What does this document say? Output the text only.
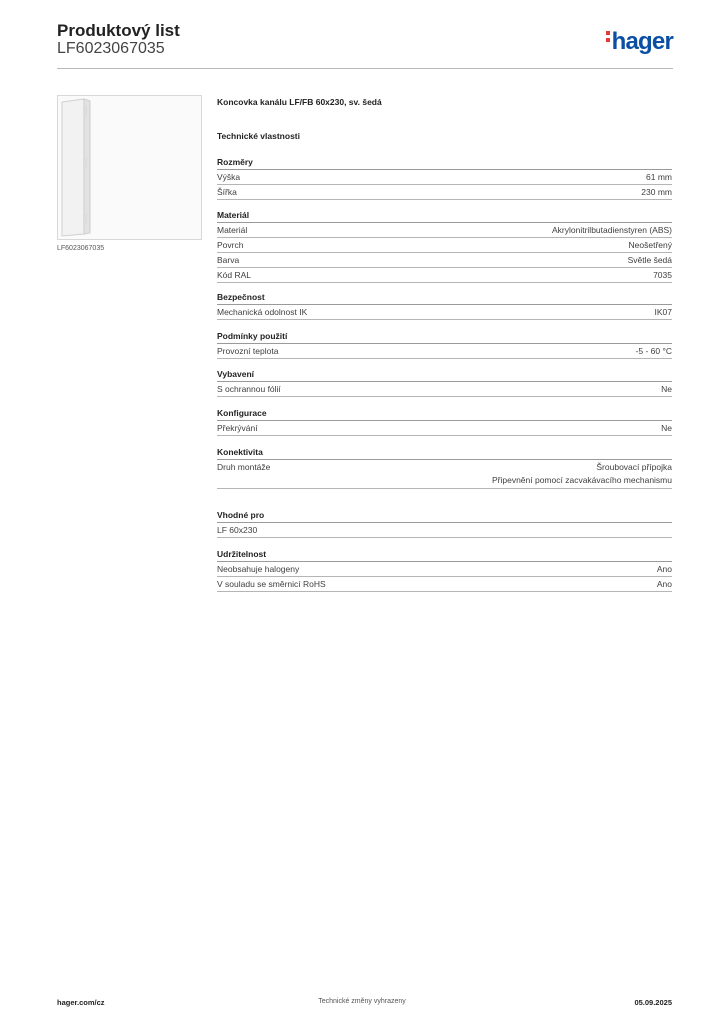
Produktový list
LF6023067035	hager
LF6023067035
Koncovka kanálu LF/FB 60x230, sv. šedá
Technické vlastnosti
Rozměry
Výška	61 mm
Šířka	230 mm
Materiál
Materiál	Akrylonitrilbutadienstyren (ABS)
Povrch	Neošetřený
Barva	Světle šedá
Kód RAL	7035
Bezpečnost
Mechanická odolnost IK	IK07
Podmínky použití
Provozní teplota	-5 - 60 °C
Vybavení
S ochrannou fólií	Ne
Konfigurace
Překrývání	Ne
Konektivita
Druh montáže	Šroubovací přípojka
Připevnění pomocí zacvakávacího mechanismu
Vhodné pro
LF 60x230
Udržitelnost
Neobsahuje halogeny	Ano
V souladu se směrnicí RoHS	Ano
hager.com/cz	Technické změny vyhrazeny	05.09.2025
